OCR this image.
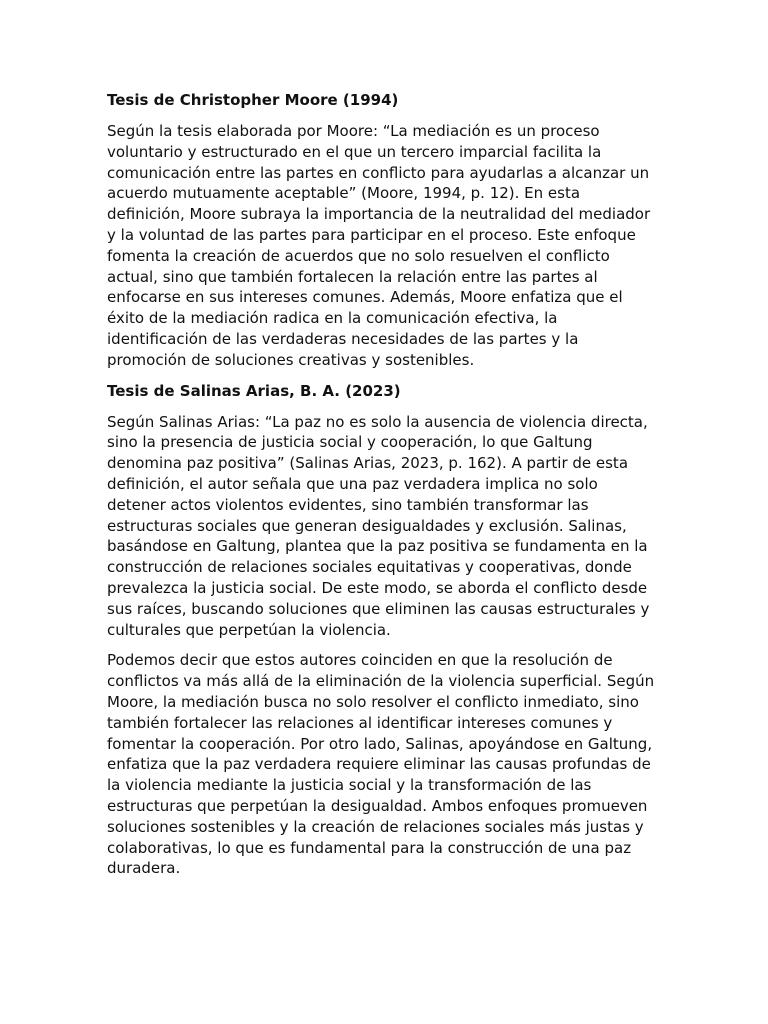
Tesis de Christopher Moore (1994)

Según la tesis elaborada por Moore: “La mediación es un proceso
voluntario y estructurado en el que un tercero imparcial facilita la
comunicación entre las partes en conflicto para ayudarlas a alcanzar un
acuerdo mutuamente aceptable” (Moore, 1994, p. 12). En esta
definición, Moore subraya la importancia de la neutralidad del mediador
y la voluntad de las partes para participar en el proceso. Este enfoque
fomenta la creación de acuerdos que no solo resuelven el conflicto
actual, sino que también fortalecen la relación entre las partes al
enfocarse en sus intereses comunes. Además, Moore enfatiza que el
éxito de la mediación radica en la comunicación efectiva, la
identificación de las verdaderas necesidades de las partes y la
promoción de soluciones creativas y sostenibles.

Tesis de Salinas Arias, B. A. (2023)

Según Salinas Arias: “La paz no es solo la ausencia de violencia directa,
sino la presencia de justicia social y cooperación, lo que Galtung
denomina paz positiva” (Salinas Arias, 2023, p. 162). A partir de esta
definición, el autor señala que una paz verdadera implica no solo
detener actos violentos evidentes, sino también transformar las
estructuras sociales que generan desigualdades y exclusión. Salinas,
basándose en Galtung, plantea que la paz positiva se fundamenta en la
construcción de relaciones sociales equitativas y cooperativas, donde
prevalezca la justicia social. De este modo, se aborda el conflicto desde
sus raíces, buscando soluciones que eliminen las causas estructurales y
culturales que perpetúan la violencia.

Podemos decir que estos autores coinciden en que la resolución de
conflictos va más allá de la eliminación de la violencia superficial. Según
Moore, la mediación busca no solo resolver el conflicto inmediato, sino
también fortalecer las relaciones al identificar intereses comunes y
fomentar la cooperación. Por otro lado, Salinas, apoyándose en Galtung,
enfatiza que la paz verdadera requiere eliminar las causas profundas de
la violencia mediante la justicia social y la transformación de las
estructuras que perpetúan la desigualdad. Ambos enfoques promueven
soluciones sostenibles y la creación de relaciones sociales más justas y
colaborativas, lo que es fundamental para la construcción de una paz
duradera.
